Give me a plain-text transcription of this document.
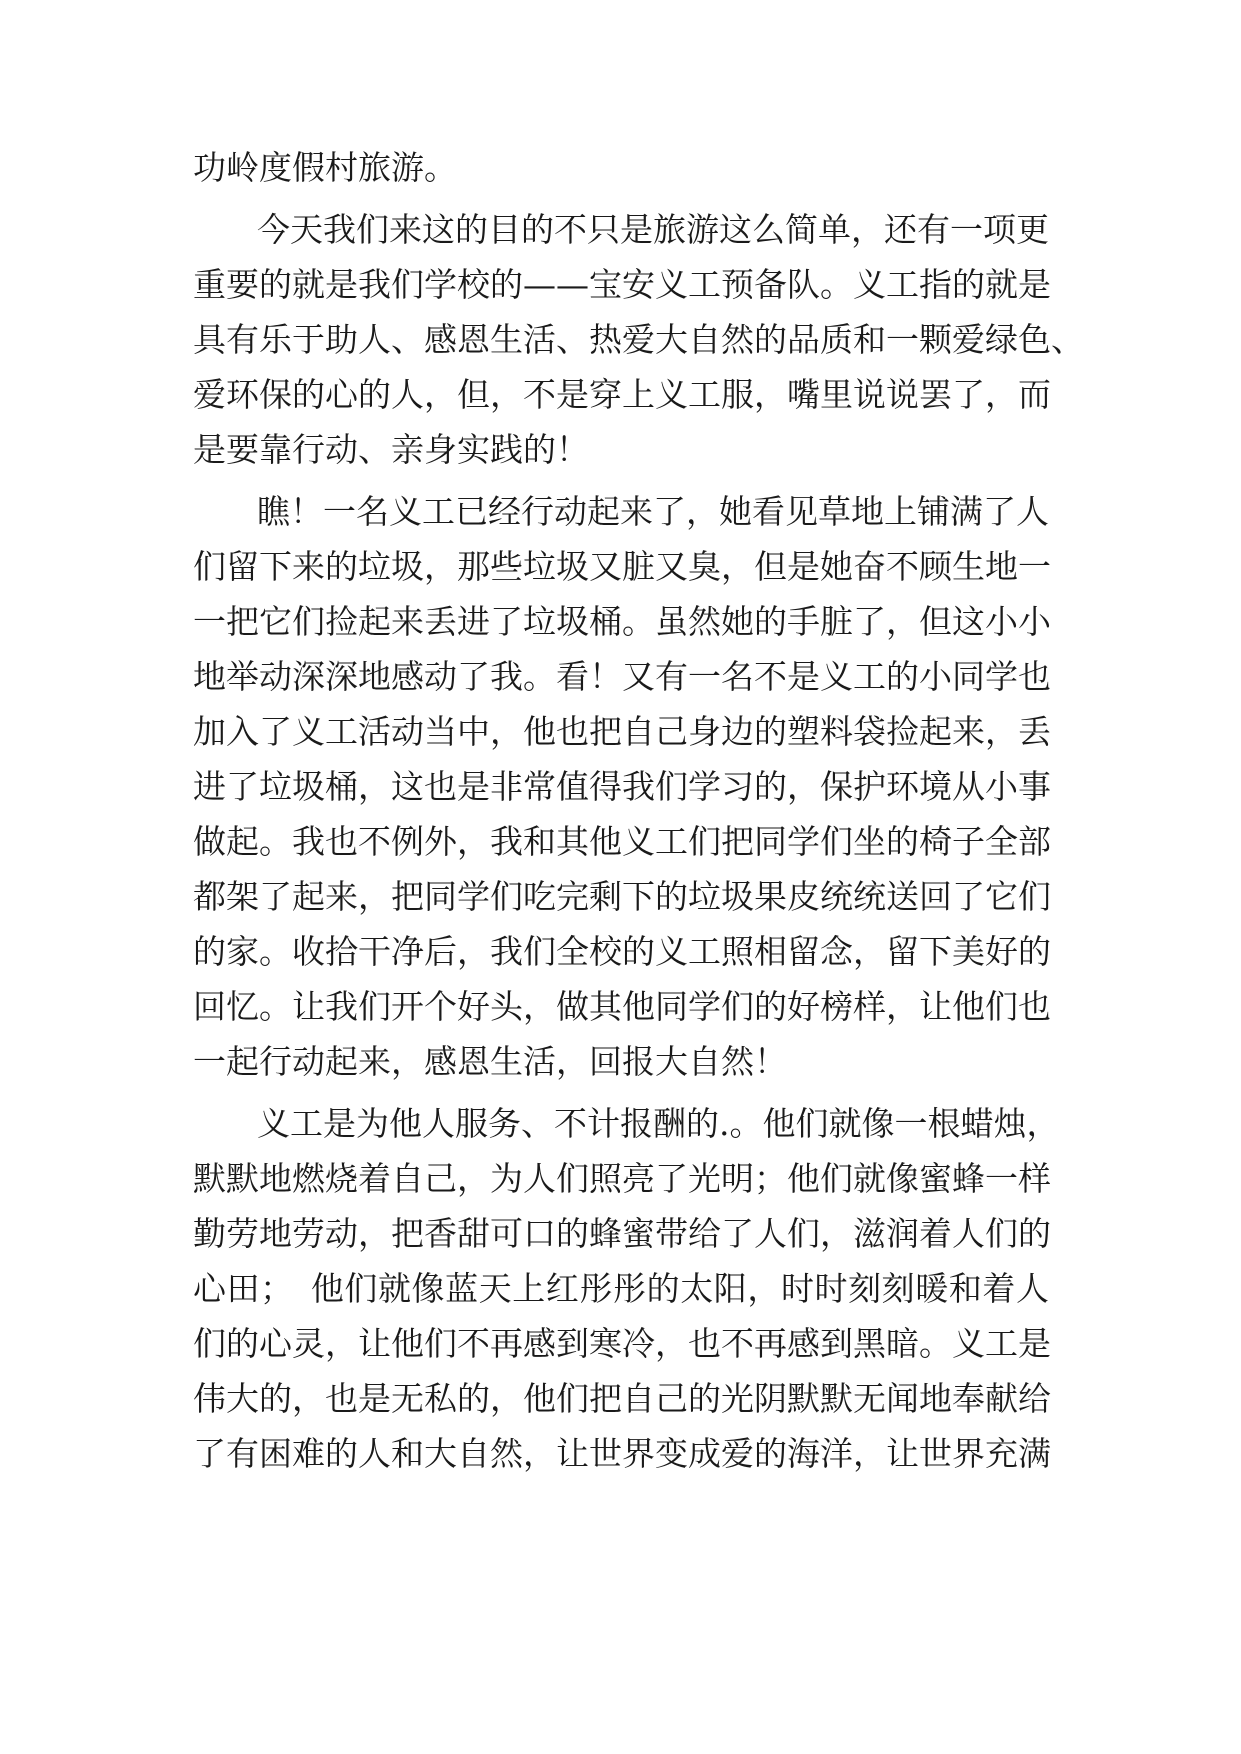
功岭度假村旅游。
今天我们来这的目的不只是旅游这么简单，还有一项更
重要的就是我们学校的——宝安义工预备队。义工指的就是
具有乐于助人、感恩生活、热爱大自然的品质和一颗爱绿色、
爱环保的心的人，但，不是穿上义工服，嘴里说说罢了，而
是要靠行动、亲身实践的！
瞧！一名义工已经行动起来了，她看见草地上铺满了人
们留下来的垃圾，那些垃圾又脏又臭，但是她奋不顾生地一
一把它们捡起来丢进了垃圾桶。虽然她的手脏了，但这小小
地举动深深地感动了我。看！又有一名不是义工的小同学也
加入了义工活动当中，他也把自己身边的塑料袋捡起来，丢
进了垃圾桶，这也是非常值得我们学习的，保护环境从小事
做起。我也不例外，我和其他义工们把同学们坐的椅子全部
都架了起来，把同学们吃完剩下的垃圾果皮统统送回了它们
的家。收拾干净后，我们全校的义工照相留念，留下美好的
回忆。让我们开个好头，做其他同学们的好榜样，让他们也
一起行动起来，感恩生活，回报大自然！
义工是为他人服务、不计报酬的.。他们就像一根蜡烛，
默默地燃烧着自己，为人们照亮了光明；他们就像蜜蜂一样
勤劳地劳动，把香甜可口的蜂蜜带给了人们，滋润着人们的
心田；　他们就像蓝天上红彤彤的太阳，时时刻刻暖和着人
们的心灵，让他们不再感到寒冷，也不再感到黑暗。义工是
伟大的，也是无私的，他们把自己的光阴默默无闻地奉献给
了有困难的人和大自然，让世界变成爱的海洋，让世界充满
